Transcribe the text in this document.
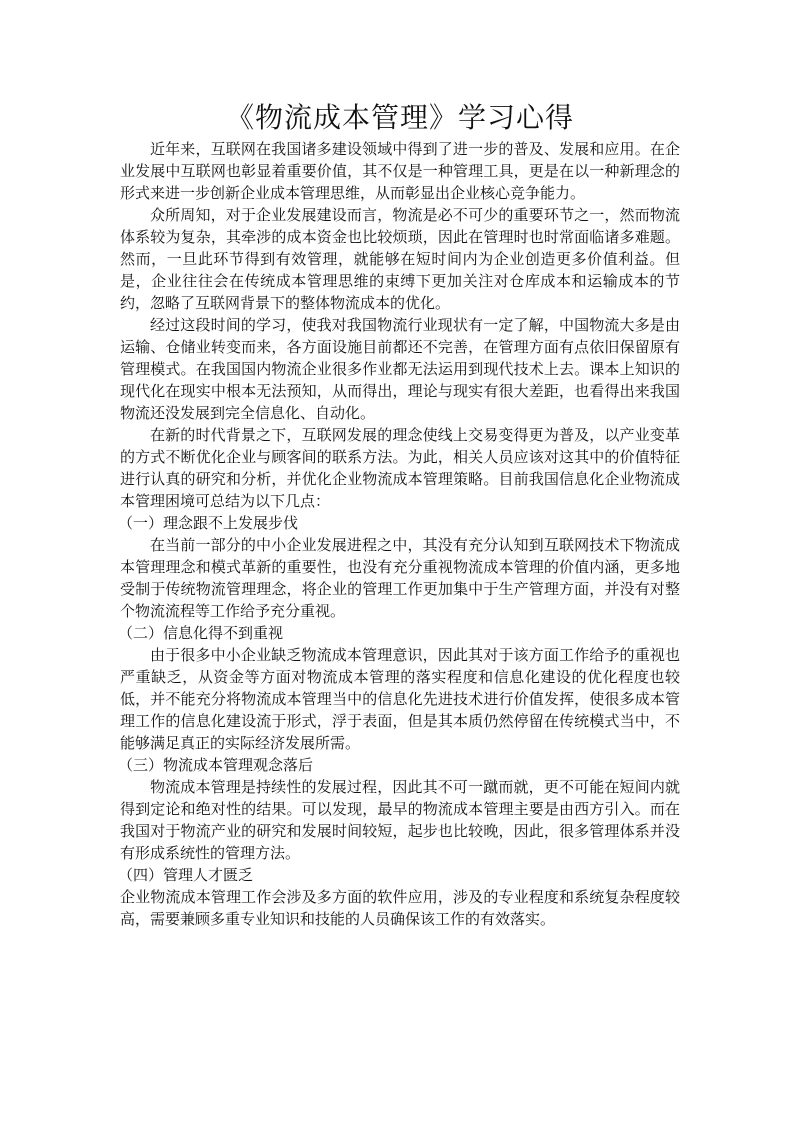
《物流成本管理》学习心得

近年来，互联网在我国诸多建设领域中得到了进一步的普及、发展和应用。在企业发展中互联网也彰显着重要价值，其不仅是一种管理工具，更是在以一种新理念的形式来进一步创新企业成本管理思维，从而彰显出企业核心竞争能力。

众所周知，对于企业发展建设而言，物流是必不可少的重要环节之一，然而物流体系较为复杂，其牵涉的成本资金也比较烦琐，因此在管理时也时常面临诸多难题。然而，一旦此环节得到有效管理，就能够在短时间内为企业创造更多价值利益。但是，企业往往会在传统成本管理思维的束缚下更加关注对仓库成本和运输成本的节约，忽略了互联网背景下的整体物流成本的优化。

经过这段时间的学习，使我对我国物流行业现状有一定了解，中国物流大多是由运输、仓储业转变而来，各方面设施目前都还不完善，在管理方面有点依旧保留原有管理模式。在我国国内物流企业很多作业都无法运用到现代技术上去。课本上知识的现代化在现实中根本无法预知，从而得出，理论与现实有很大差距，也看得出来我国物流还没发展到完全信息化、自动化。

在新的时代背景之下，互联网发展的理念使线上交易变得更为普及，以产业变革的方式不断优化企业与顾客间的联系方法。为此，相关人员应该对这其中的价值特征进行认真的研究和分析，并优化企业物流成本管理策略。目前我国信息化企业物流成本管理困境可总结为以下几点：

（一）理念跟不上发展步伐

在当前一部分的中小企业发展进程之中，其没有充分认知到互联网技术下物流成本管理理念和模式革新的重要性，也没有充分重视物流成本管理的价值内涵，更多地受制于传统物流管理理念，将企业的管理工作更加集中于生产管理方面，并没有对整个物流流程等工作给予充分重视。

（二）信息化得不到重视

由于很多中小企业缺乏物流成本管理意识，因此其对于该方面工作给予的重视也严重缺乏，从资金等方面对物流成本管理的落实程度和信息化建设的优化程度也较低，并不能充分将物流成本管理当中的信息化先进技术进行价值发挥，使很多成本管理工作的信息化建设流于形式，浮于表面，但是其本质仍然停留在传统模式当中，不能够满足真正的实际经济发展所需。

（三）物流成本管理观念落后

物流成本管理是持续性的发展过程，因此其不可一蹴而就，更不可能在短间内就得到定论和绝对性的结果。可以发现，最早的物流成本管理主要是由西方引入。而在我国对于物流产业的研究和发展时间较短，起步也比较晚，因此，很多管理体系并没有形成系统性的管理方法。

（四）管理人才匮乏

企业物流成本管理工作会涉及多方面的软件应用，涉及的专业程度和系统复杂程度较高，需要兼顾多重专业知识和技能的人员确保该工作的有效落实。
